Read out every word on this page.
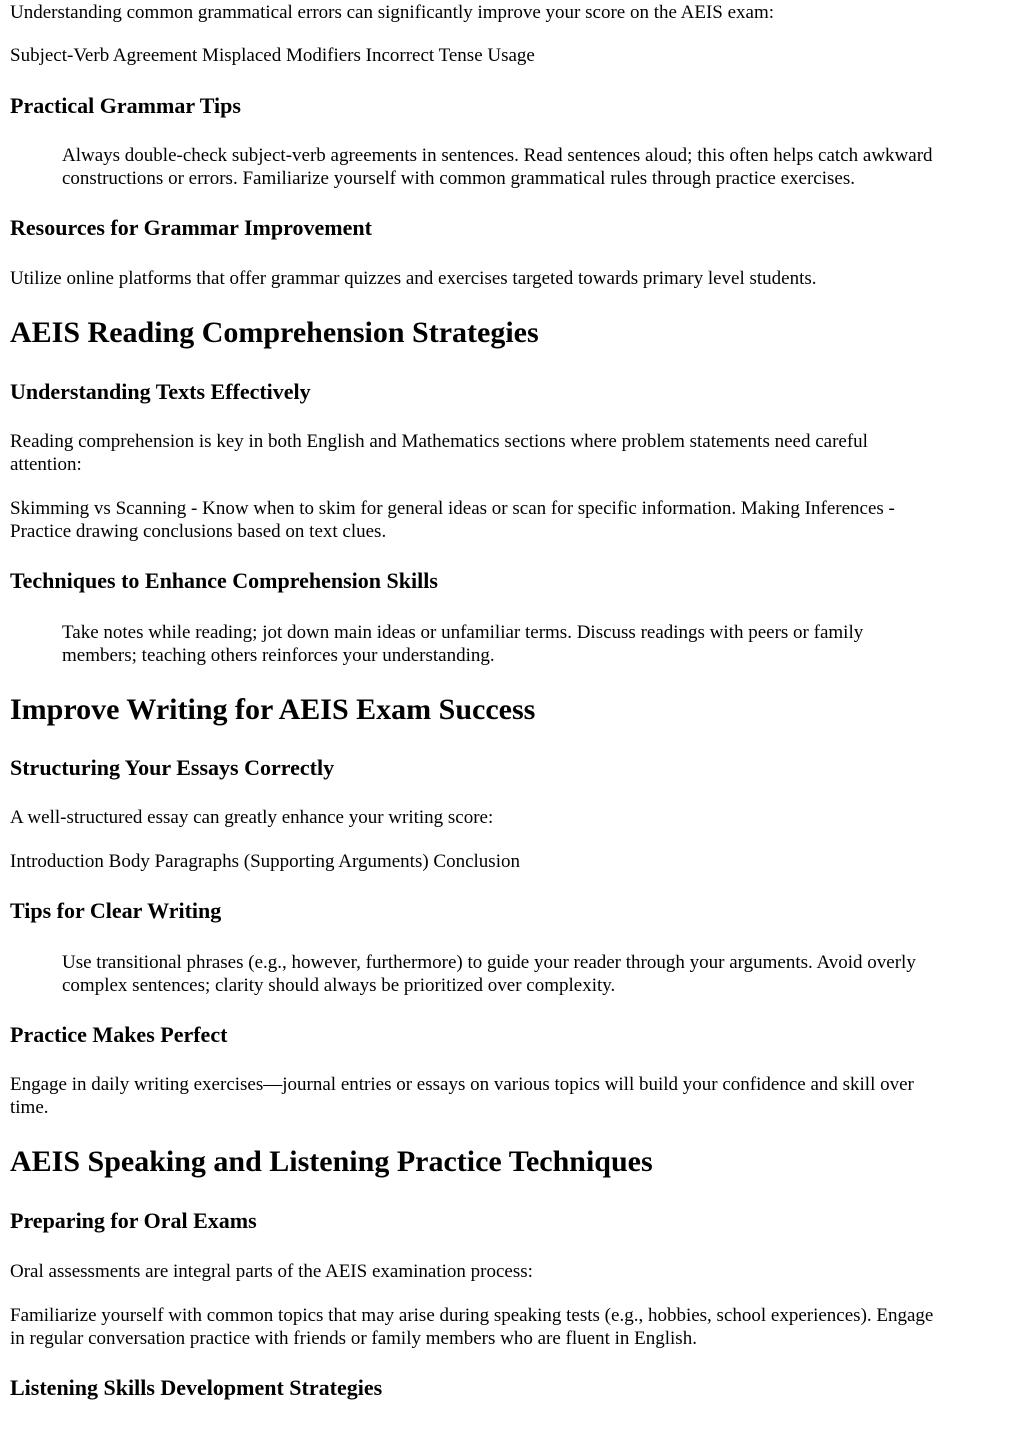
Understanding common grammatical errors can significantly improve your score on the AEIS exam:

Subject-Verb Agreement Misplaced Modifiers Incorrect Tense Usage

Practical Grammar Tips

Always double-check subject-verb agreements in sentences. Read sentences aloud; this often helps catch awkward

constructions or errors. Familiarize yourself with common grammatical rules through practice exercises.

Resources for Grammar Improvement

Utilize online platforms that offer grammar quizzes and exercises targeted towards primary level students.

AEIS Reading Comprehension Strategies
Understanding Texts Effectively

Reading comprehension is key in both English and Mathematics sections where problem statements need careful

attention:

Skimming vs Scanning - Know when to skim for general ideas or scan for specific information. Making Inferences -

Practice drawing conclusions based on text clues.

Techniques to Enhance Comprehension Skills

Take notes while reading; jot down main ideas or unfamiliar terms. Discuss readings with peers or family

members; teaching others reinforces your understanding.

Improve Writing for AEIS Exam Success
Structuring Your Essays Correctly

A well-structured essay can greatly enhance your writing score:

Introduction Body Paragraphs (Supporting Arguments) Conclusion

Tips for Clear Writing

Use transitional phrases (e.g., however, furthermore) to guide your reader through your arguments. Avoid overly

complex sentences; clarity should always be prioritized over complexity.

Practice Makes Perfect

Engage in daily writing exercises—journal entries or essays on various topics will build your confidence and skill over

time.

AEIS Speaking and Listening Practice Techniques
Preparing for Oral Exams

Oral assessments are integral parts of the AEIS examination process:

Familiarize yourself with common topics that may arise during speaking tests (e.g., hobbies, school experiences). Engage

in regular conversation practice with friends or family members who are fluent in English.

Listening Skills Development Strategies
